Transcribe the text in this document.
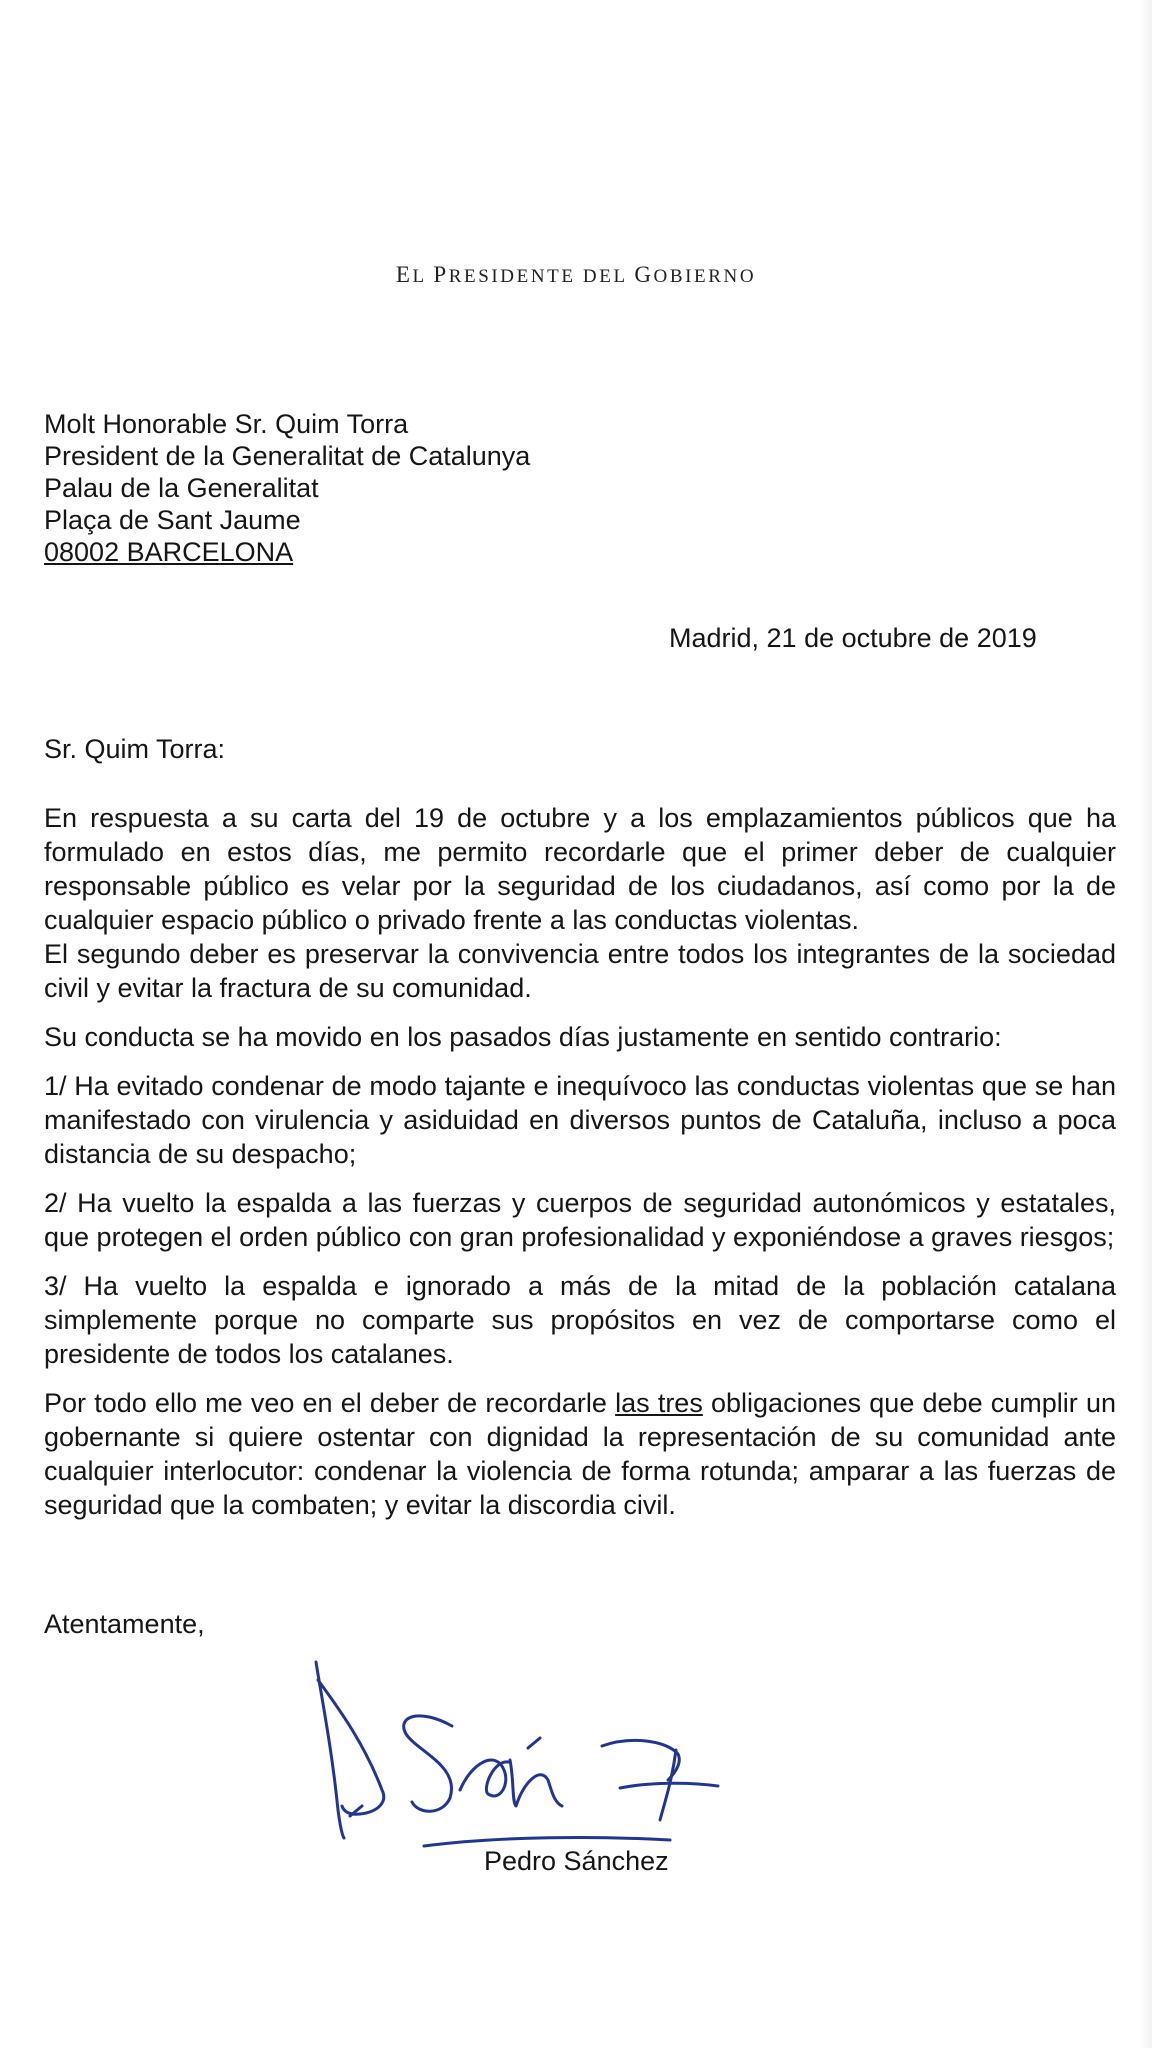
EL PRESIDENTE DEL GOBIERNO
Molt Honorable Sr. Quim Torra
President de la Generalitat de Catalunya
Palau de la Generalitat
Plaça de Sant Jaume
08002 BARCELONA
Madrid, 21 de octubre de 2019
Sr. Quim Torra:

En respuesta a su carta del 19 de octubre y a los emplazamientos públicos que ha formulado en estos días, me permito recordarle que el primer deber de cualquier responsable público es velar por la seguridad de los ciudadanos, así como por la de cualquier espacio público o privado frente a las conductas violentas.

El segundo deber es preservar la convivencia entre todos los integrantes de la sociedad civil y evitar la fractura de su comunidad.

Su conducta se ha movido en los pasados días justamente en sentido contrario:

1/ Ha evitado condenar de modo tajante e inequívoco las conductas violentas que se han manifestado con virulencia y asiduidad en diversos puntos de Cataluña, incluso a poca distancia de su despacho;

2/ Ha vuelto la espalda a las fuerzas y cuerpos de seguridad autonómicos y estatales, que protegen el orden público con gran profesionalidad y exponiéndose a graves riesgos;

3/ Ha vuelto la espalda e ignorado a más de la mitad de la población catalana simplemente porque no comparte sus propósitos en vez de comportarse como el presidente de todos los catalanes.

Por todo ello me veo en el deber de recordarle las tres obligaciones que debe cumplir un gobernante si quiere ostentar con dignidad la representación de su comunidad ante cualquier interlocutor: condenar la violencia de forma rotunda; amparar a las fuerzas de seguridad que la combaten; y evitar la discordia civil.

Atentamente,
Pedro Sánchez
